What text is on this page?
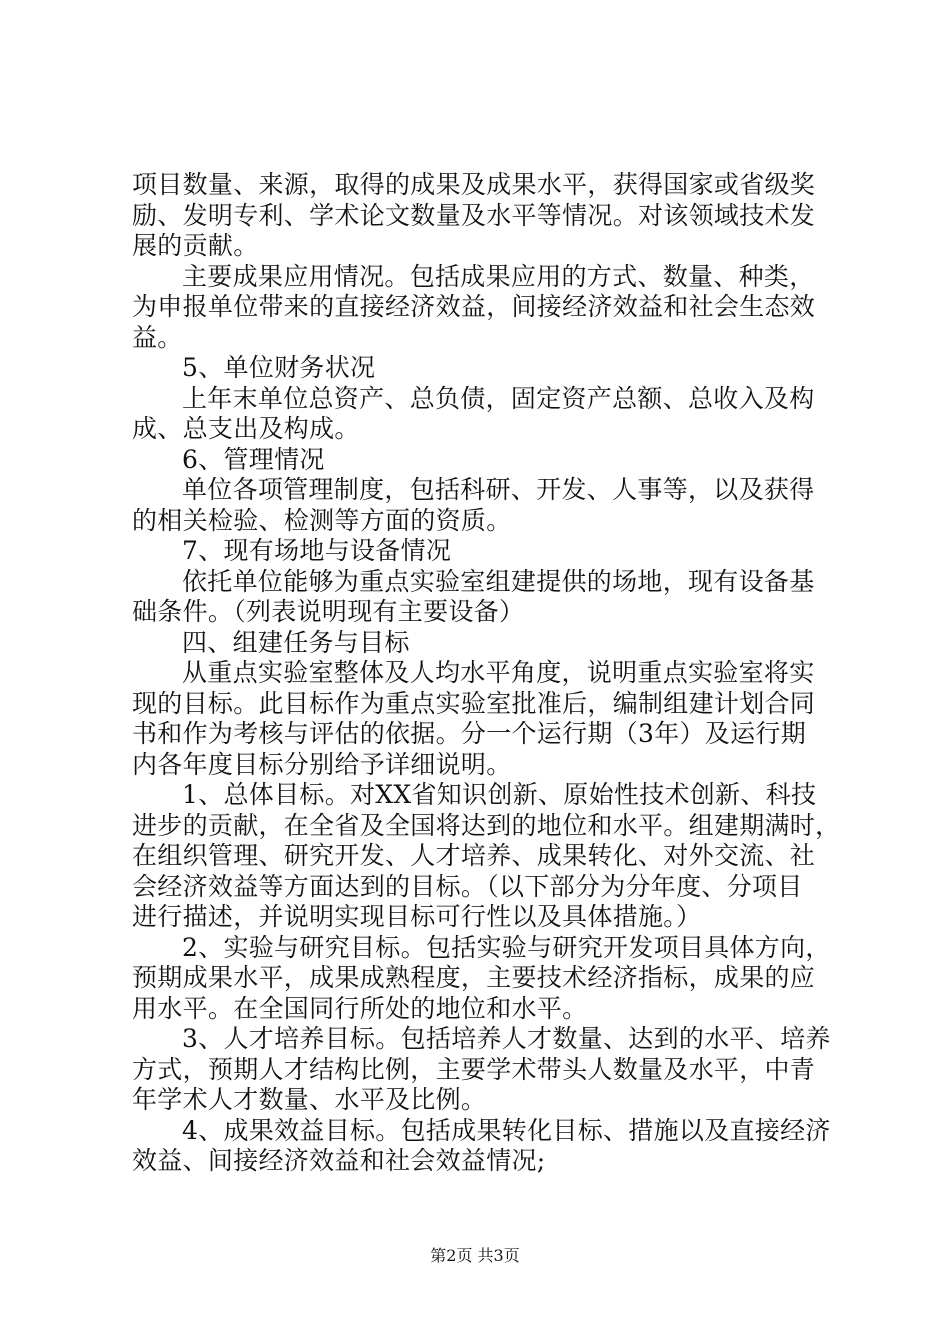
项目数量、来源，取得的成果及成果水平，获得国家或省级奖
励、发明专利、学术论文数量及水平等情况。对该领域技术发
展的贡献。
主要成果应用情况。包括成果应用的方式、数量、种类，
为申报单位带来的直接经济效益，间接经济效益和社会生态效
益。
5、单位财务状况
上年末单位总资产、总负债，固定资产总额、总收入及构
成、总支出及构成。
6、管理情况
单位各项管理制度，包括科研、开发、人事等，以及获得
的相关检验、检测等方面的资质。
7、现有场地与设备情况
依托单位能够为重点实验室组建提供的场地，现有设备基
础条件。（列表说明现有主要设备）
四、组建任务与目标
从重点实验室整体及人均水平角度，说明重点实验室将实
现的目标。此目标作为重点实验室批准后，编制组建计划合同
书和作为考核与评估的依据。分一个运行期（3年）及运行期
内各年度目标分别给予详细说明。
1、总体目标。对XX省知识创新、原始性技术创新、科技
进步的贡献，在全省及全国将达到的地位和水平。组建期满时，
在组织管理、研究开发、人才培养、成果转化、对外交流、社
会经济效益等方面达到的目标。（以下部分为分年度、分项目
进行描述，并说明实现目标可行性以及具体措施。）
2、实验与研究目标。包括实验与研究开发项目具体方向，
预期成果水平，成果成熟程度，主要技术经济指标，成果的应
用水平。在全国同行所处的地位和水平。
3、人才培养目标。包括培养人才数量、达到的水平、培养
方式，预期人才结构比例，主要学术带头人数量及水平，中青
年学术人才数量、水平及比例。
4、成果效益目标。包括成果转化目标、措施以及直接经济
效益、间接经济效益和社会效益情况;
第2页 共3页
